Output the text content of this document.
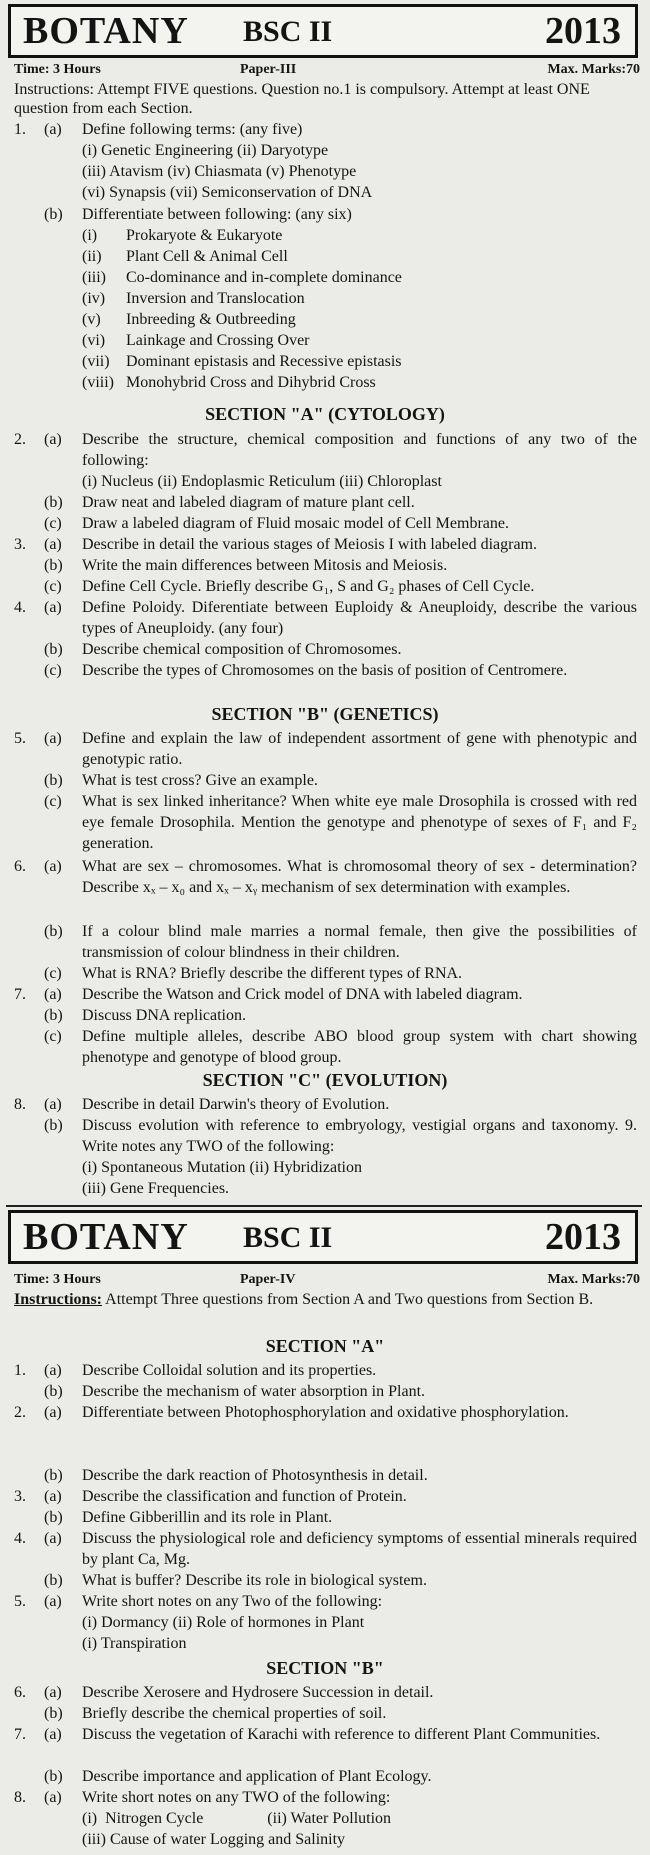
BOTANY BSC II	2013
Time: 3 Hours	Paper-III	Max. Marks:70
Instructions: Attempt FIVE questions. Question no.1 is compulsory. Attempt at least ONE question from each Section.
1. (a) Define following terms: (any five)
(i) Genetic Engineering (ii) Daryotype
(iii) Atavism (iv) Chiasmata (v) Phenotype
(vi) Synapsis (vii) Semiconservation of DNA
(b) Differentiate between following: (any six)
(i) Prokaryote & Eukaryote
(ii) Plant Cell & Animal Cell
(iii) Co-dominance and in-complete dominance
(iv) Inversion and Translocation
(v) Inbreeding & Outbreeding
(vi) Lainkage and Crossing Over
(vii) Dominant epistasis and Recessive epistasis
(viii) Monohybrid Cross and Dihybrid Cross
SECTION "A" (CYTOLOGY)
2. (a) Describe the structure, chemical composition and functions of any two of the following:
(i) Nucleus (ii) Endoplasmic Reticulum (iii) Chloroplast
(b) Draw neat and labeled diagram of mature plant cell.
(c) Draw a labeled diagram of Fluid mosaic model of Cell Membrane.
3. (a) Describe in detail the various stages of Meiosis I with labeled diagram.
(b) Write the main differences between Mitosis and Meiosis.
(c) Define Cell Cycle. Briefly describe G₁, S and G₂ phases of Cell Cycle.
4. (a) Define Poloidy. Diferentiate between Euploidy & Aneuploidy, describe the various types of Aneuploidy. (any four)
(b) Describe chemical composition of Chromosomes.
(c) Describe the types of Chromosomes on the basis of position of Centromere.
SECTION "B" (GENETICS)
5. (a) Define and explain the law of independent assortment of gene with phenotypic and genotypic ratio.
(b) What is test cross? Give an example.
(c) What is sex linked inheritance? When white eye male Drosophila is crossed with red eye female Drosophila. Mention the genotype and phenotype of sexes of F₁ and F₂ generation.
6. (a) What are sex – chromosomes. What is chromosomal theory of sex - determination? Describe xₓ – x₀ and xₓ – xᵧ mechanism of sex determination with examples.
(b) If a colour blind male marries a normal female, then give the possibilities of transmission of colour blindness in their children.
(c) What is RNA? Briefly describe the different types of RNA.
7. (a) Describe the Watson and Crick model of DNA with labeled diagram.
(b) Discuss DNA replication.
(c) Define multiple alleles, describe ABO blood group system with chart showing phenotype and genotype of blood group.
SECTION "C" (EVOLUTION)
8. (a) Describe in detail Darwin's theory of Evolution.
(b) Discuss evolution with reference to embryology, vestigial organs and taxonomy. 9. Write notes any TWO of the following:
(i) Spontaneous Mutation (ii) Hybridization
(iii) Gene Frequencies.
BOTANY BSC II	2013
Time: 3 Hours	Paper-IV	Max. Marks:70
Instructions: Attempt Three questions from Section A and Two questions from Section B.
SECTION "A"
1. (a) Describe Colloidal solution and its properties.
(b) Describe the mechanism of water absorption in Plant.
2. (a) Differentiate between Photophosphorylation and oxidative phosphorylation.
(b) Describe the dark reaction of Photosynthesis in detail.
3. (a) Describe the classification and function of Protein.
(b) Define Gibberillin and its role in Plant.
4. (a) Discuss the physiological role and deficiency symptoms of essential minerals required by plant Ca, Mg.
(b) What is buffer? Describe its role in biological system.
5. (a) Write short notes on any Two of the following:
(i) Dormancy (ii) Role of hormones in Plant
(i) Transpiration
SECTION "B"
6. (a) Describe Xerosere and Hydrosere Succession in detail.
(b) Briefly describe the chemical properties of soil.
7. (a) Discuss the vegetation of Karachi with reference to different Plant Communities.
(b) Describe importance and application of Plant Ecology.
8. (a) Write short notes on any TWO of the following:
(i)  Nitrogen Cycle                (ii) Water Pollution
(iii) Cause of water Logging and Salinity
